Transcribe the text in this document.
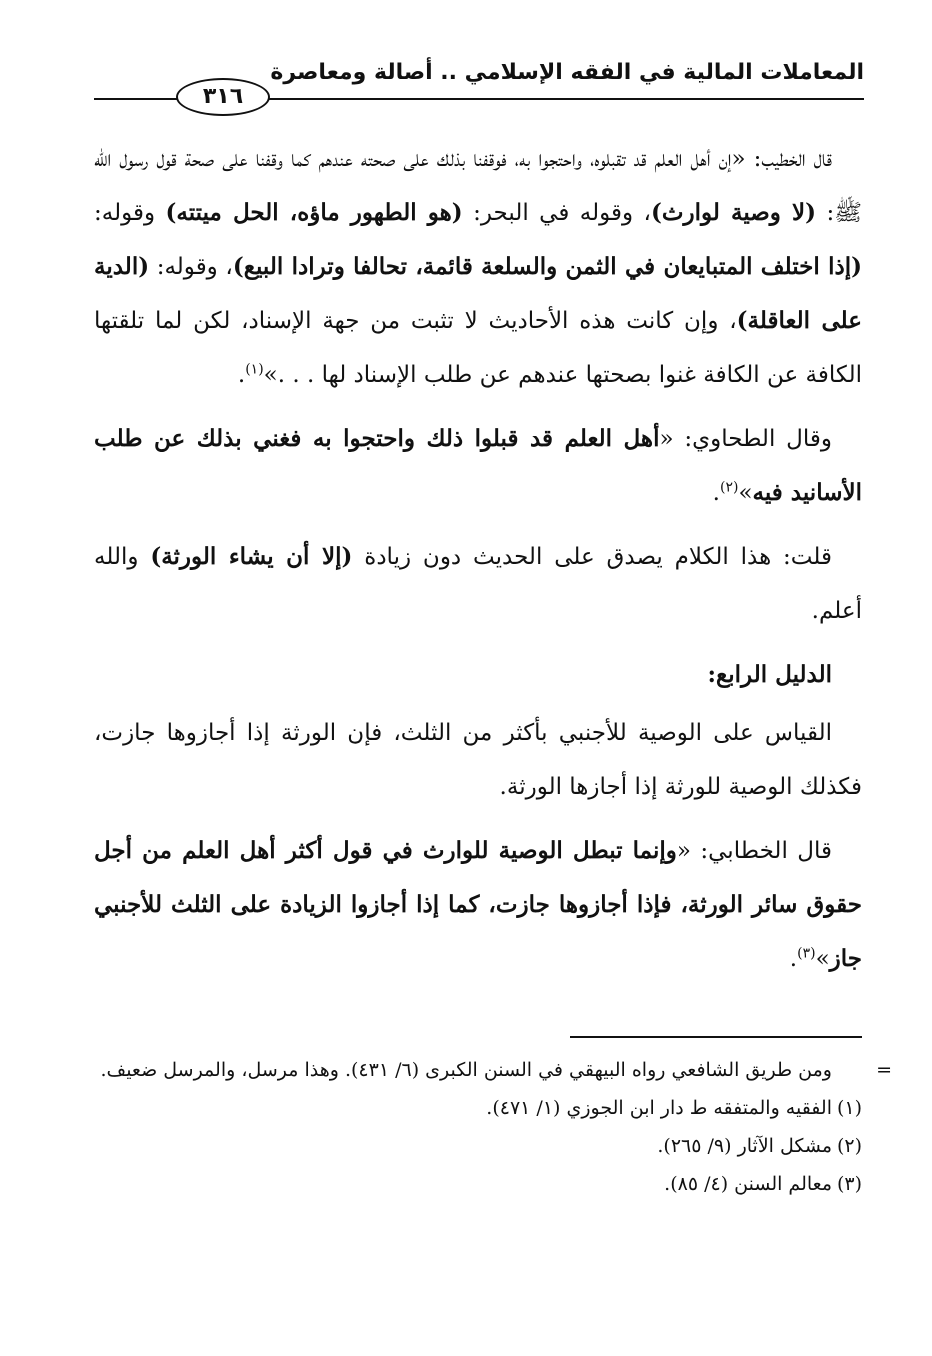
المعاملات المالية في الفقه الإسلامي .. أصالة ومعاصرة
٣١٦

قال الخطيب: «إن أهل العلم قد تقبلوه، واحتجوا به، فوقفنا بذلك على صحته عندهم كما وقفنا على صحة قول رسول الله ﷺ: (لا وصية لوارث)، وقوله في البحر: (هو الطهور ماؤه، الحل ميتته) وقوله: (إذا اختلف المتبايعان في الثمن والسلعة قائمة، تحالفا وترادا البيع)، وقوله: (الدية على العاقلة)، وإن كانت هذه الأحاديث لا تثبت من جهة الإسناد، لكن لما تلقتها الكافة عن الكافة غنوا بصحتها عندهم عن طلب الإسناد لها . . .»$^{(١)}$.

وقال الطحاوي: «أهل العلم قد قبلوا ذلك واحتجوا به فغني بذلك عن طلب الأسانيد فيه»$^{(٢)}$.

قلت: هذا الكلام يصدق على الحديث دون زيادة (إلا أن يشاء الورثة) والله أعلم.

الدليل الرابع:

القياس على الوصية للأجنبي بأكثر من الثلث، فإن الورثة إذا أجازوها جازت، فكذلك الوصية للورثة إذا أجازها الورثة.

قال الخطابي: «وإنما تبطل الوصية للوارث في قول أكثر أهل العلم من أجل حقوق سائر الورثة، فإذا أجازوها جازت، كما إذا أجازوا الزيادة على الثلث للأجنبي جاز»$^{(٣)}$.

=ومن طريق الشافعي رواه البيهقي في السنن الكبرى (٦/ ٤٣١). وهذا مرسل، والمرسل ضعيف.
(١)الفقيه والمتفقه ط دار ابن الجوزي (١/ ٤٧١).
(٢)مشكل الآثار (٩/ ٢٦٥).
(٣)معالم السنن (٤/ ٨٥).
